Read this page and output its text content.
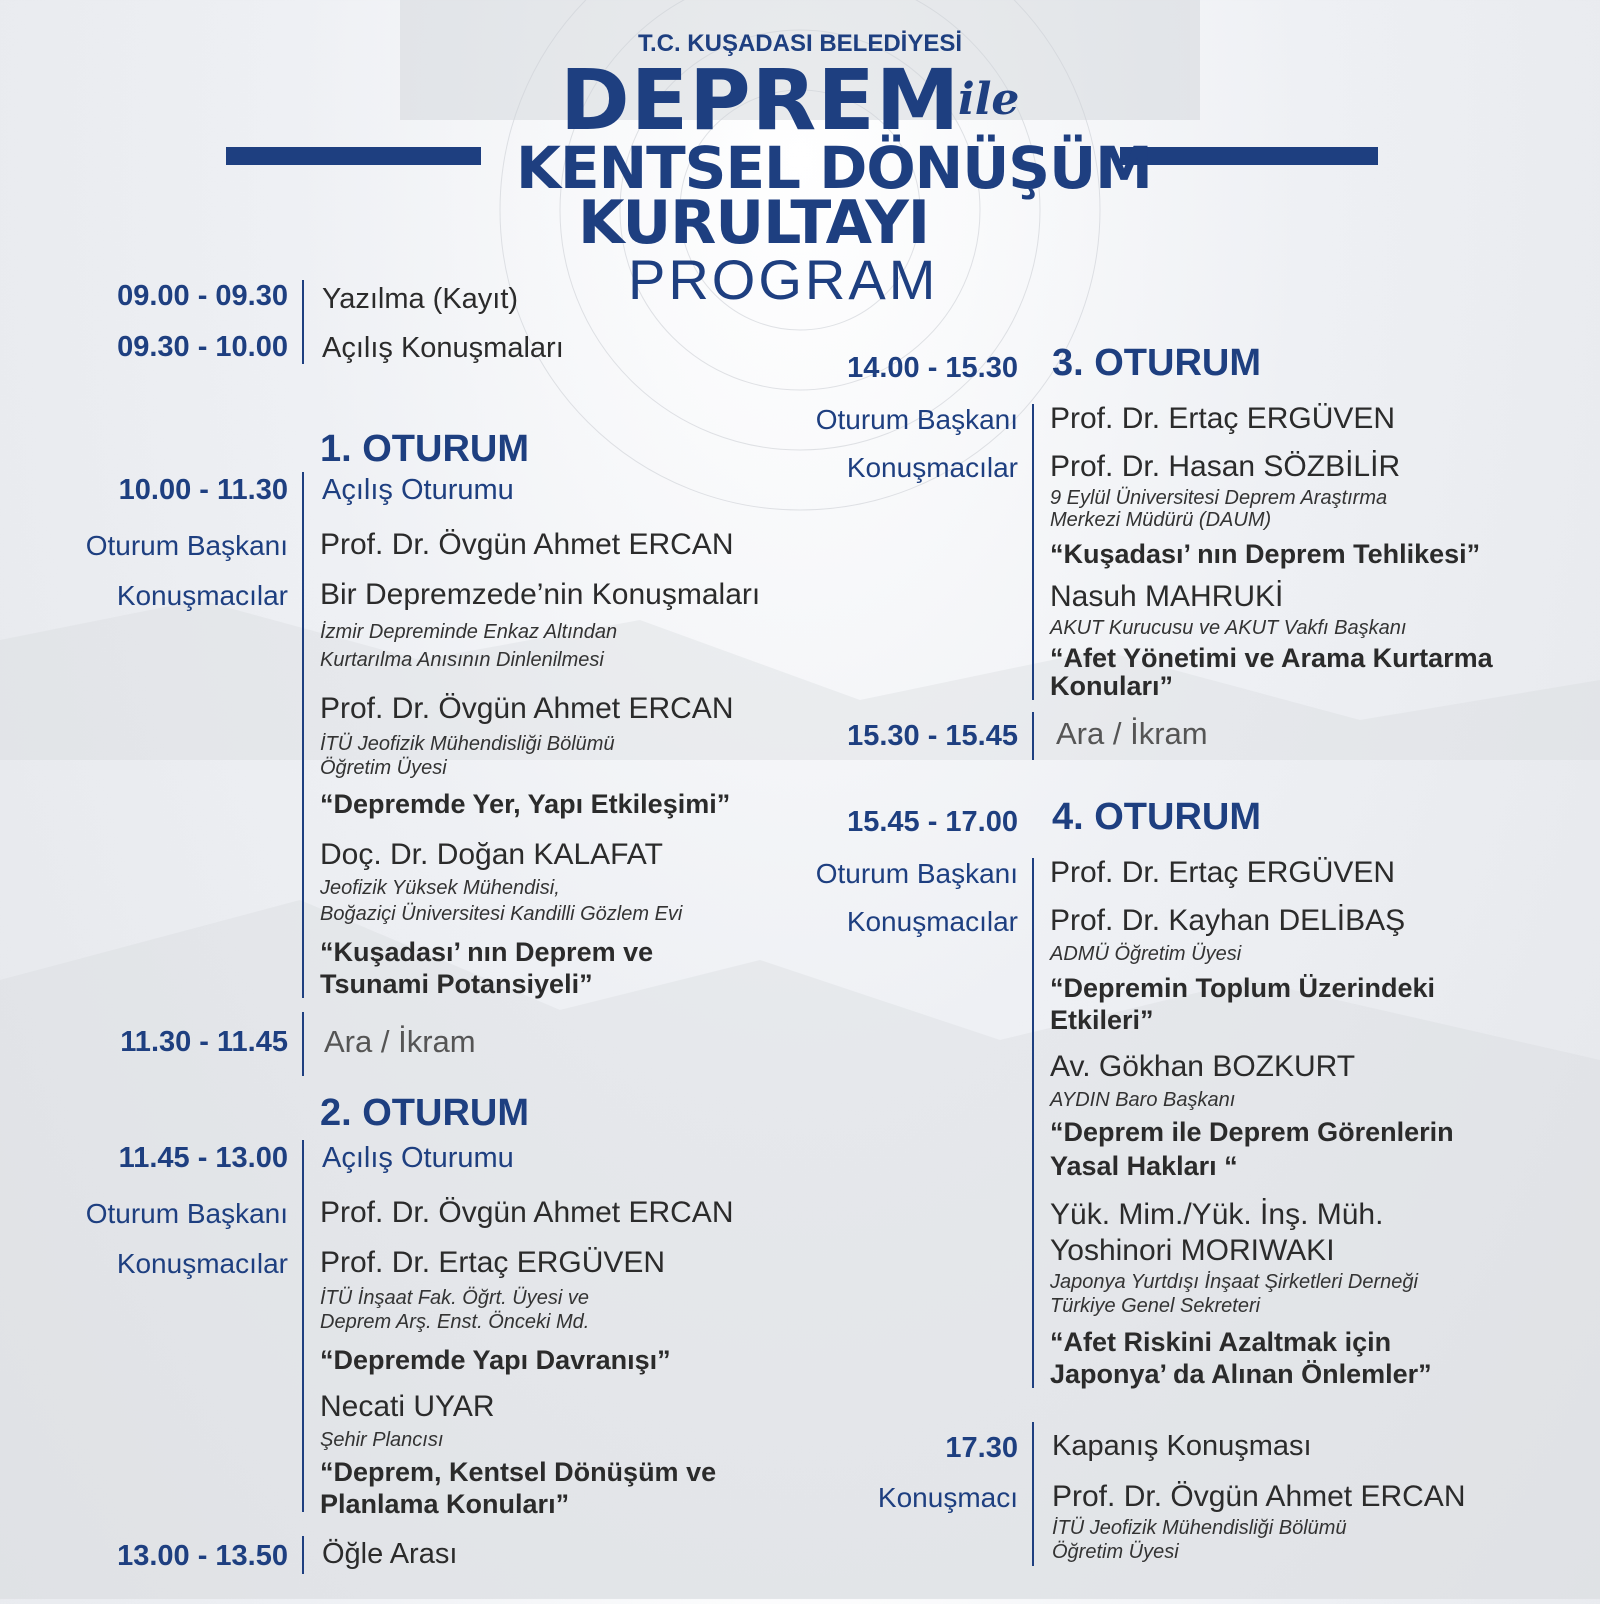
T.C. KUŞADASI BELEDİYESİ
DEPREM
ile
KENTSEL DÖNÜŞÜM
KURULTAYI
PROGRAM
09.00 - 09.30 Yazılma (Kayıt)
09.30 - 10.00 Açılış Konuşmaları
1. OTURUM
10.00 - 11.30 Açılış Oturumu
Oturum Başkanı Prof. Dr. Övgün Ahmet ERCAN
Konuşmacılar Bir Depremzede’nin Konuşmaları
İzmir Depreminde Enkaz Altından
Kurtarılma Anısının Dinlenilmesi
Prof. Dr. Övgün Ahmet ERCAN
İTÜ Jeofizik Mühendisliği Bölümü
Öğretim Üyesi
“Depremde Yer, Yapı Etkileşimi”
Doç. Dr. Doğan KALAFAT
Jeofizik Yüksek Mühendisi,
Boğaziçi Üniversitesi Kandilli Gözlem Evi
“Kuşadası’ nın Deprem ve
Tsunami Potansiyeli”
11.30 - 11.45 Ara / İkram
2. OTURUM
11.45 - 13.00 Açılış Oturumu
Oturum Başkanı Prof. Dr. Övgün Ahmet ERCAN
Konuşmacılar Prof. Dr. Ertaç ERGÜVEN
İTÜ İnşaat Fak. Öğrt. Üyesi ve
Deprem Arş. Enst. Önceki Md.
“Depremde Yapı Davranışı”
Necati UYAR
Şehir Plancısı
“Deprem, Kentsel Dönüşüm ve
Planlama Konuları”
13.00 - 13.50 Öğle Arası
14.00 - 15.30 3. OTURUM
Oturum Başkanı Prof. Dr. Ertaç ERGÜVEN
Konuşmacılar Prof. Dr. Hasan SÖZBİLİR
9 Eylül Üniversitesi Deprem Araştırma
Merkezi Müdürü (DAUM)
“Kuşadası’ nın Deprem Tehlikesi”
Nasuh MAHRUKİ
AKUT Kurucusu ve AKUT Vakfı Başkanı
“Afet Yönetimi ve Arama Kurtarma
Konuları”
15.30 - 15.45 Ara / İkram
15.45 - 17.00 4. OTURUM
Oturum Başkanı Prof. Dr. Ertaç ERGÜVEN
Konuşmacılar Prof. Dr. Kayhan DELİBAŞ
ADMÜ Öğretim Üyesi
“Depremin Toplum Üzerindeki
Etkileri”
Av. Gökhan BOZKURT
AYDIN Baro Başkanı
“Deprem ile Deprem Görenlerin
Yasal Hakları “
Yük. Mim./Yük. İnş. Müh.
Yoshinori MORIWAKI
Japonya Yurtdışı İnşaat Şirketleri Derneği
Türkiye Genel Sekreteri
“Afet Riskini Azaltmak için
Japonya’ da Alınan Önlemler”
17.30 Kapanış Konuşması
Konuşmacı Prof. Dr. Övgün Ahmet ERCAN
İTÜ Jeofizik Mühendisliği Bölümü
Öğretim Üyesi
